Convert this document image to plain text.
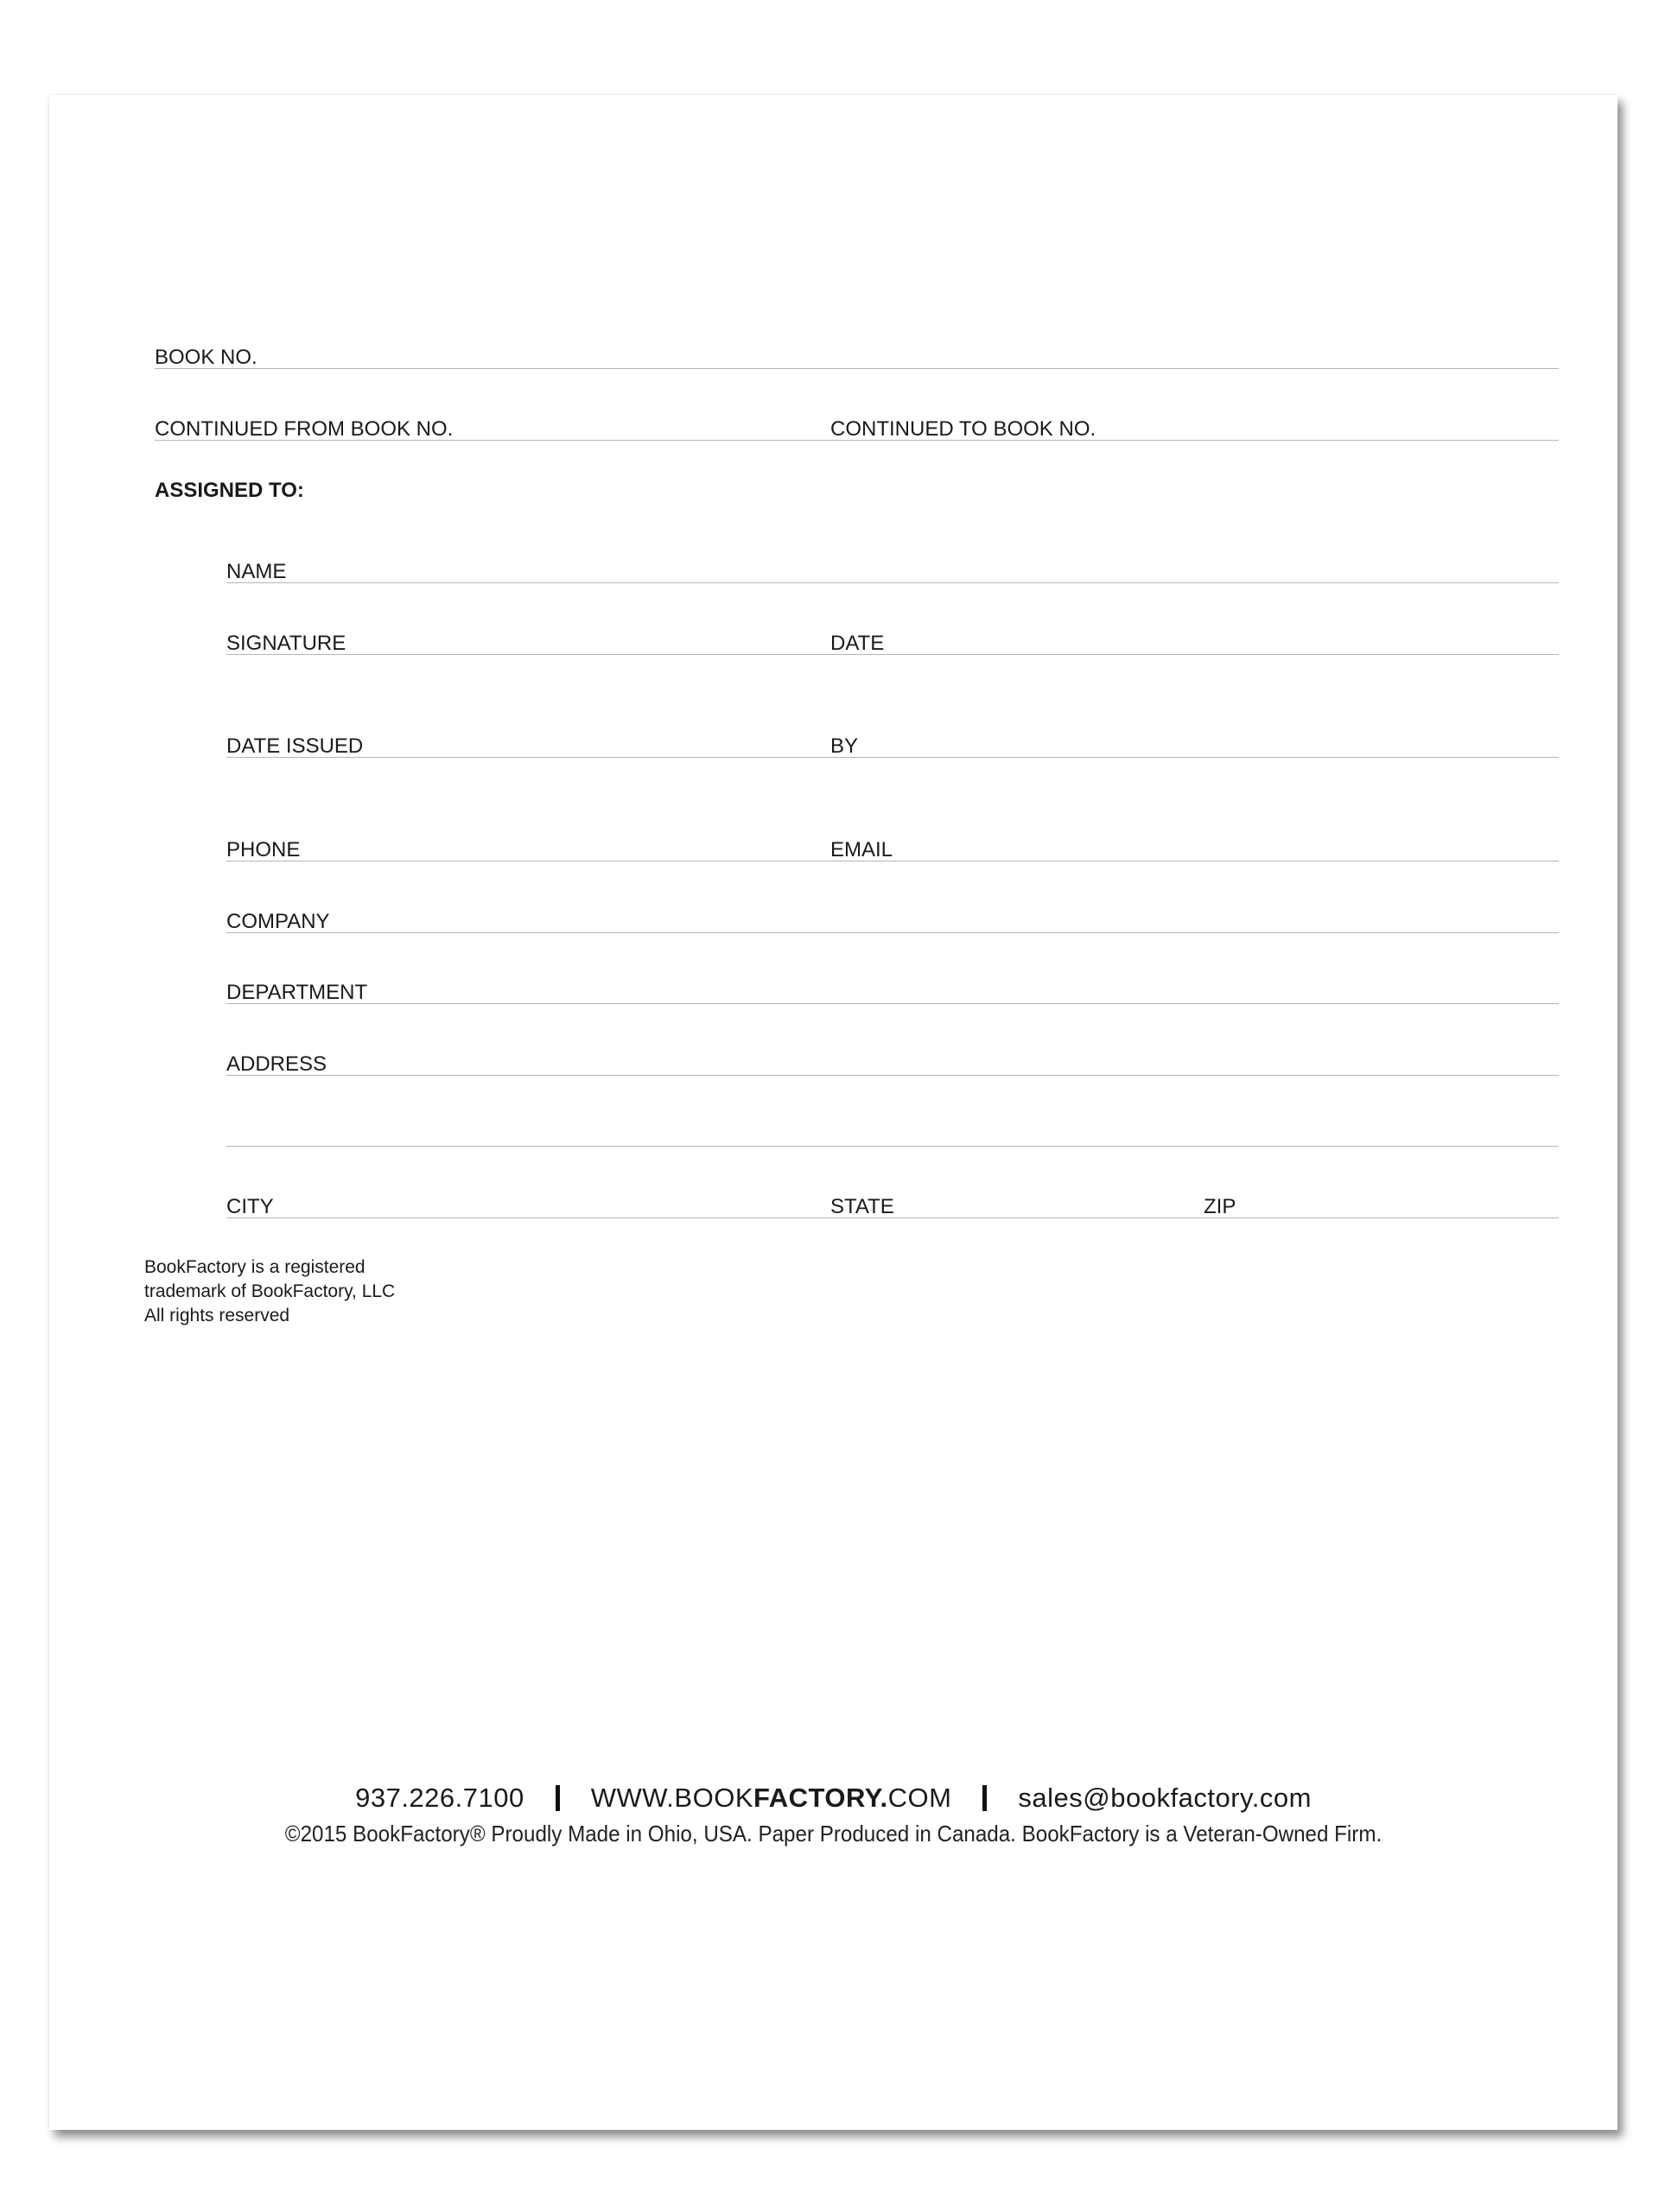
BOOK NO.
CONTINUED FROM BOOK NO.	CONTINUED TO BOOK NO.
ASSIGNED TO:
NAME
SIGNATURE	DATE
DATE ISSUED	BY
PHONE	EMAIL
COMPANY
DEPARTMENT
ADDRESS
CITY	STATE	ZIP
BookFactory is a registered
trademark of BookFactory, LLC
All rights reserved
937.226.7100 WWW.BOOKFACTORY.COM sales@bookfactory.com
©2015 BookFactory® Proudly Made in Ohio, USA. Paper Produced in Canada. BookFactory is a Veteran-Owned Firm.
